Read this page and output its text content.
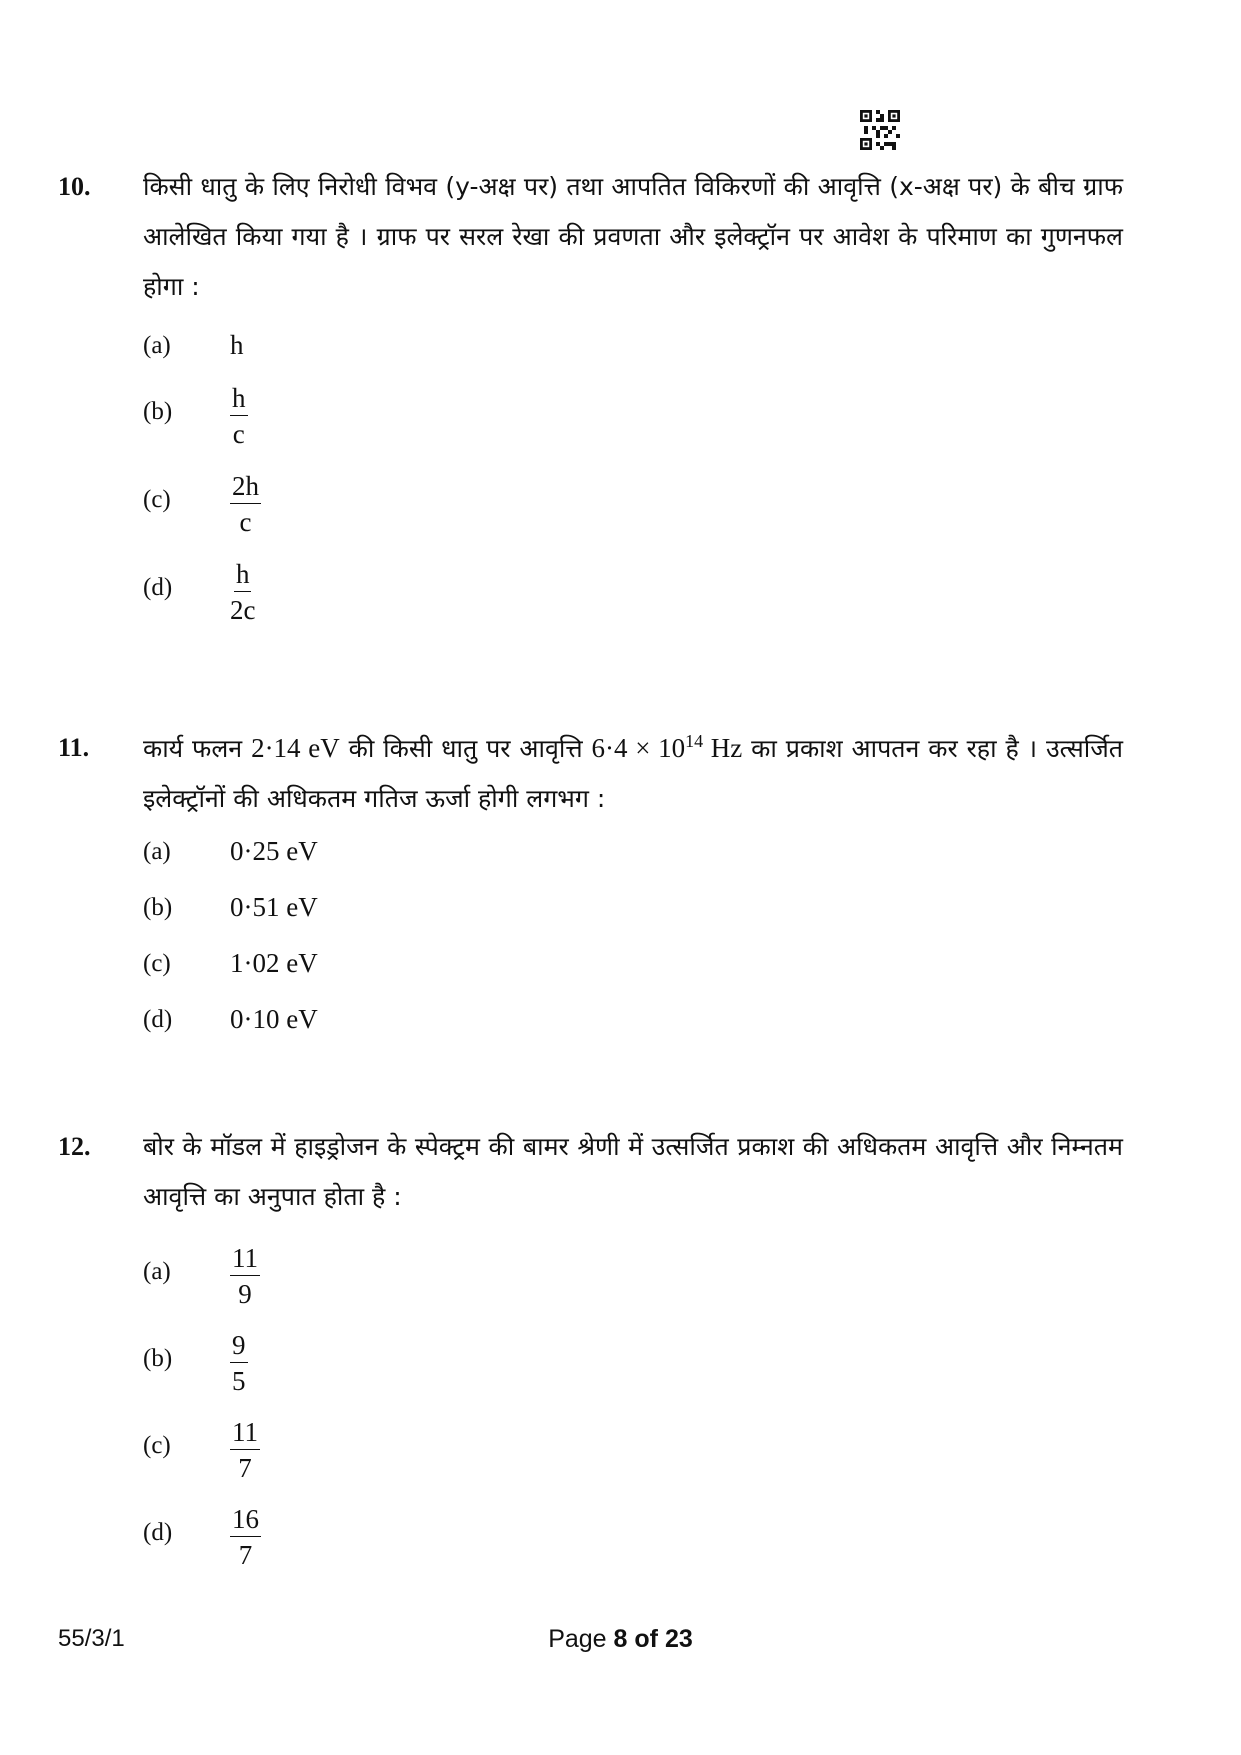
10. किसी धातु के लिए निरोधी विभव (y-अक्ष पर) तथा आपतित विकिरणों की आवृत्ति (x-अक्ष पर) के बीच ग्राफ आलेखित किया गया है । ग्राफ पर सरल रेखा की प्रवणता और इलेक्ट्रॉन पर आवेश के परिमाण का गुणनफल होगा :
(a) h
$(b) \frac{h}{c}$
$(c) \frac{2h}{c}$
$(d) \frac{h}{2c}$
11. कार्य फलन 2·14 eV की किसी धातु पर आवृत्ति $6\cdot 4 \times 10^{14}$ Hz का प्रकाश आपतन कर रहा है । उत्सर्जित इलेक्ट्रॉनों की अधिकतम गतिज ऊर्जा होगी लगभग :
(a) 0·25 eV
(b) 0·51 eV
(c) 1·02 eV
(d) 0·10 eV
12. बोर के मॉडल में हाइड्रोजन के स्पेक्ट्रम की बामर श्रेणी में उत्सर्जित प्रकाश की अधिकतम आवृत्ति और निम्नतम आवृत्ति का अनुपात होता है :
$(a) \frac{11}{9}$
$(b) \frac{9}{5}$
$(c) \frac{11}{7}$
$(d) \frac{16}{7}$
55/3/1	Page 8 of 23
